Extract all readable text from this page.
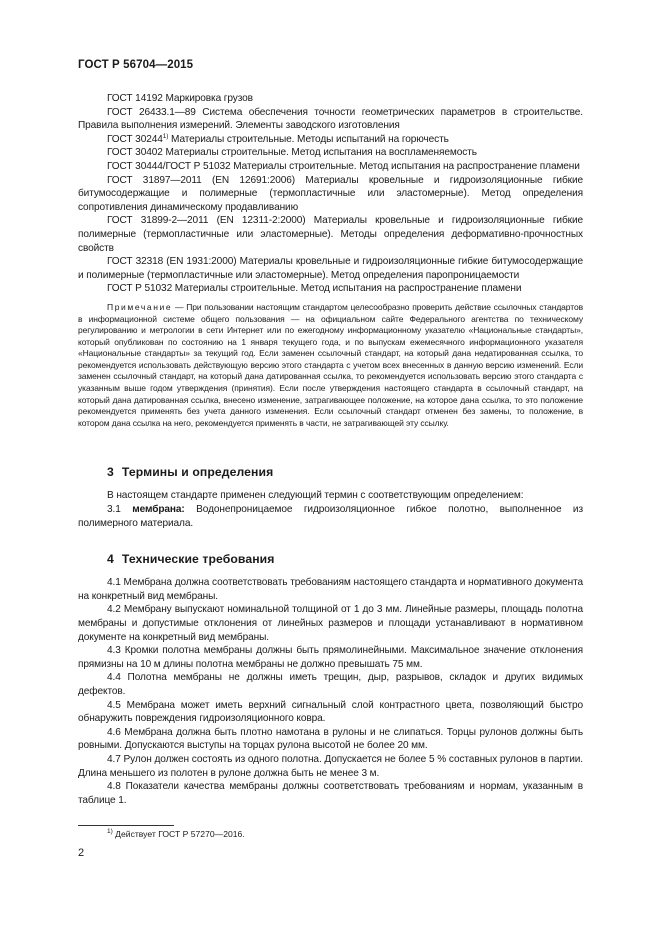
ГОСТ Р 56704—2015

ГОСТ 14192 Маркировка грузов

ГОСТ 26433.1—89 Система обеспечения точности геометрических параметров в строительстве. Правила выполнения измерений. Элементы заводского изготовления

ГОСТ 30244$^{1)}$ Материалы строительные. Методы испытаний на горючесть

ГОСТ 30402 Материалы строительные. Метод испытания на воспламеняемость

ГОСТ 30444/ГОСТ Р 51032 Материалы строительные. Метод испытания на распространение пламени

ГОСТ 31897—2011 (EN 12691:2006) Материалы кровельные и гидроизоляционные гибкие битумосодержащие и полимерные (термопластичные или эластомерные). Метод определения сопротивления динамическому продавливанию

ГОСТ 31899-2—2011 (EN 12311-2:2000) Материалы кровельные и гидроизоляционные гибкие полимерные (термопластичные или эластомерные). Методы определения деформативно-прочностных свойств

ГОСТ 32318 (EN 1931:2000) Материалы кровельные и гидроизоляционные гибкие битумосодержащие и полимерные (термопластичные или эластомерные). Метод определения паропроницаемости

ГОСТ Р 51032 Материалы строительные. Метод испытания на распространение пламени

Примечание — При пользовании настоящим стандартом целесообразно проверить действие ссылочных стандартов в информационной системе общего пользования — на официальном сайте Федерального агентства по техническому регулированию и метрологии в сети Интернет или по ежегодному информационному указателю «Национальные стандарты», который опубликован по состоянию на 1 января текущего года, и по выпускам ежемесячного информационного указателя «Национальные стандарты» за текущий год. Если заменен ссылочный стандарт, на который дана недатированная ссылка, то рекомендуется использовать действующую версию этого стандарта с учетом всех внесенных в данную версию изменений. Если заменен ссылочный стандарт, на который дана датированная ссылка, то рекомендуется использовать версию этого стандарта с указанным выше годом утверждения (принятия). Если после утверждения настоящего стандарта в ссылочный стандарт, на который дана датированная ссылка, внесено изменение, затрагивающее положение, на которое дана ссылка, то это положение рекомендуется применять без учета данного изменения. Если ссылочный стандарт отменен без замены, то положение, в котором дана ссылка на него, рекомендуется применять в части, не затрагивающей эту ссылку.

3 Термины и определения

В настоящем стандарте применен следующий термин с соответствующим определением:

3.1 мембрана: Водонепроницаемое гидроизоляционное гибкое полотно, выполненное из полимерного материала.

4 Технические требования

4.1 Мембрана должна соответствовать требованиям настоящего стандарта и нормативного документа на конкретный вид мембраны.

4.2 Мембрану выпускают номинальной толщиной от 1 до 3 мм. Линейные размеры, площадь полотна мембраны и допустимые отклонения от линейных размеров и площади устанавливают в нормативном документе на конкретный вид мембраны.

4.3 Кромки полотна мембраны должны быть прямолинейными. Максимальное значение отклонения прямизны на 10 м длины полотна мембраны не должно превышать 75 мм.

4.4 Полотна мембраны не должны иметь трещин, дыр, разрывов, складок и других видимых дефектов.

4.5 Мембрана может иметь верхний сигнальный слой контрастного цвета, позволяющий быстро обнаружить повреждения гидроизоляционного ковра.

4.6 Мембрана должна быть плотно намотана в рулоны и не слипаться. Торцы рулонов должны быть ровными. Допускаются выступы на торцах рулона высотой не более 20 мм.

4.7 Рулон должен состоять из одного полотна. Допускается не более 5 % составных рулонов в партии. Длина меньшего из полотен в рулоне должна быть не менее 3 м.

4.8 Показатели качества мембраны должны соответствовать требованиям и нормам, указанным в таблице 1.

$^{1)}$ Действует ГОСТ Р 57270—2016.
2
